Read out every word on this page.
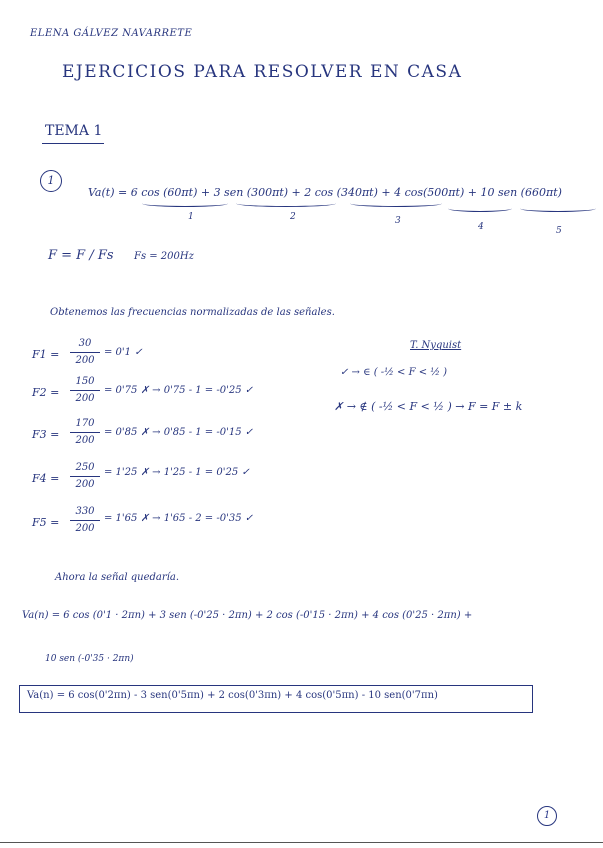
ELENA GÁLVEZ NAVARRETE
EJERCICIOS PARA RESOLVER EN CASA
TEMA 1
1
Va(t) = 6 cos (60πt) + 3 sen (300πt) + 2 cos (340πt) + 4 cos(500πt) + 10 sen (660πt)
1	2	3
4	5
F = F / Fs Fs = 200Hz
Obtenemos las frecuencias normalizadas de las señales.
F1 =
30
200
= 0'1 ✓
F2 =
150
200
= 0'75 ✗ → 0'75 - 1 = -0'25 ✓
F3 =
170
200
= 0'85 ✗ → 0'85 - 1 = -0'15 ✓
F4 =
250
200
= 1'25 ✗ → 1'25 - 1 = 0'25 ✓
F5 =
330
200
= 1'65 ✗ → 1'65 - 2 = -0'35 ✓
T. Nyquist
✓ → ∈ ( -½ < F < ½ )
✗ → ∉ ( -½ < F < ½ ) → F = F ± k
Ahora la señal quedaría.
Va(n) = 6 cos (0'1 · 2πn) + 3 sen (-0'25 · 2πn) + 2 cos (-0'15 · 2πn) + 4 cos (0'25 · 2πn) +
10 sen (-0'35 · 2πn)
Va(n) = 6 cos(0'2πn) - 3 sen(0'5πn) + 2 cos(0'3πn) + 4 cos(0'5πn) - 10 sen(0'7πn)
1
